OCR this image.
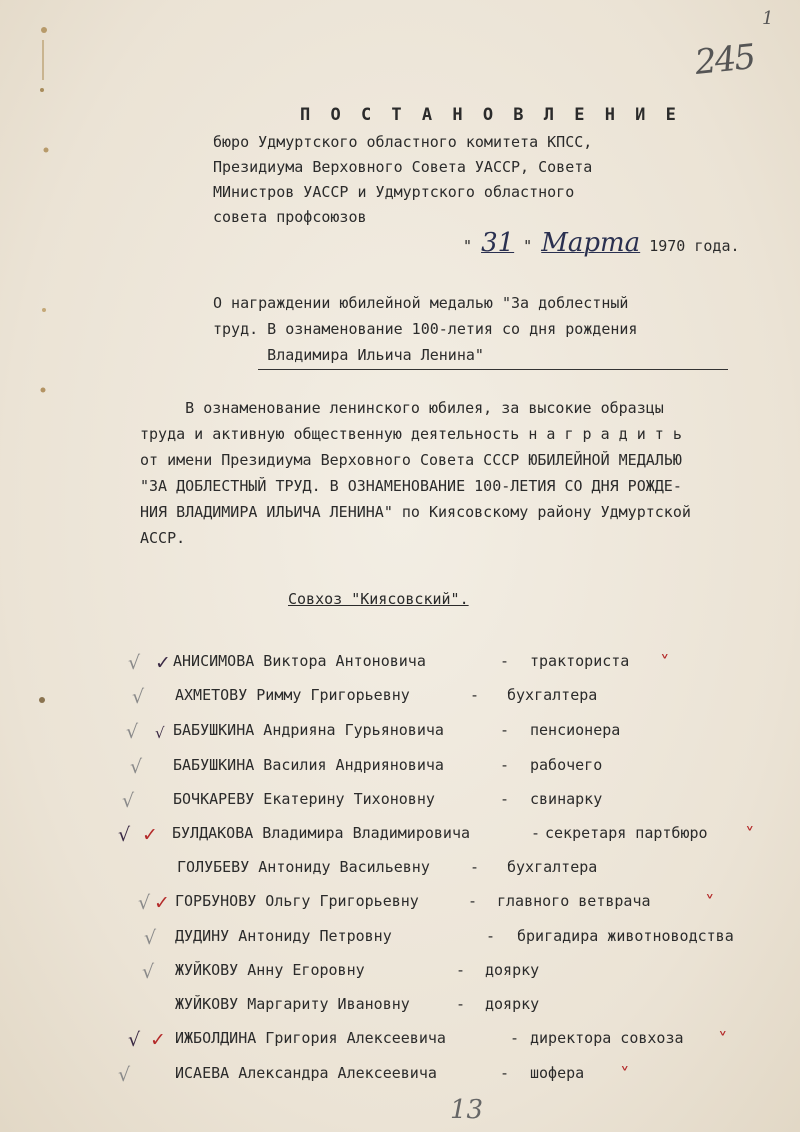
1
245
П О С Т А Н О В Л Е Н И Е
бюро Удмуртского областного комитета КПСС,
Президиума Верховного Совета УАССР, Совета
МИнистров УАССР и Удмуртского областного
совета профсоюзов
" 31 " Марта 1970 года.
О награждении юбилейной медалью "За доблестный
труд. В ознаменование 100-летия со дня рождения
Владимира Ильича Ленина"
В ознаменование ленинского юбилея, за высокие образцы
труда и активную общественную деятельность н а г р а д и т ь
от имени Президиума Верховного Совета СССР ЮБИЛЕЙНОЙ МЕДАЛЬЮ
"ЗА ДОБЛЕСТНЫЙ ТРУД. В ОЗНАМЕНОВАНИЕ 100-ЛЕТИЯ СО ДНЯ РОЖДЕ-
НИЯ ВЛАДИМИРА ИЛЬИЧА ЛЕНИНА" по Кияcовскому району Удмуртской
АССР.
Совхоз "Кияcовский".
√ ✓ АНИСИМОВА Виктора Антоновича	- тракториста ˅
√ АХМЕТОВУ Римму Григорьевну	- бухгалтера
√ √ БАБУШКИНА Андрияна Гурьяновича	- пенсионера
√ БАБУШКИНА Василия Андрияновича	- рабочего
√	БОЧКАРЕВУ Екатерину Тихоновну	- свинарку
√ ✓ БУЛДАКОВА Владимира Владимировича	- секретаря партбюро ˅
ГОЛУБЕВУ Антониду Васильевну	- бухгалтера
√ ✓ ГОРБУНОВУ Ольгу Григорьевну	- главного ветврача	˅
√ ДУДИНУ Антониду Петровну	- бригадира животноводства
√ ЖУЙКОВУ Анну Егоровну	- доярку
ЖУЙКОВУ Маргариту Ивановну	- доярку
√ ✓ ИЖБОЛДИНА Григория Алексеевича	- директора совхоза ˅
√	ИСАЕВА Александра Алексеевича	- шофера ˅
13
